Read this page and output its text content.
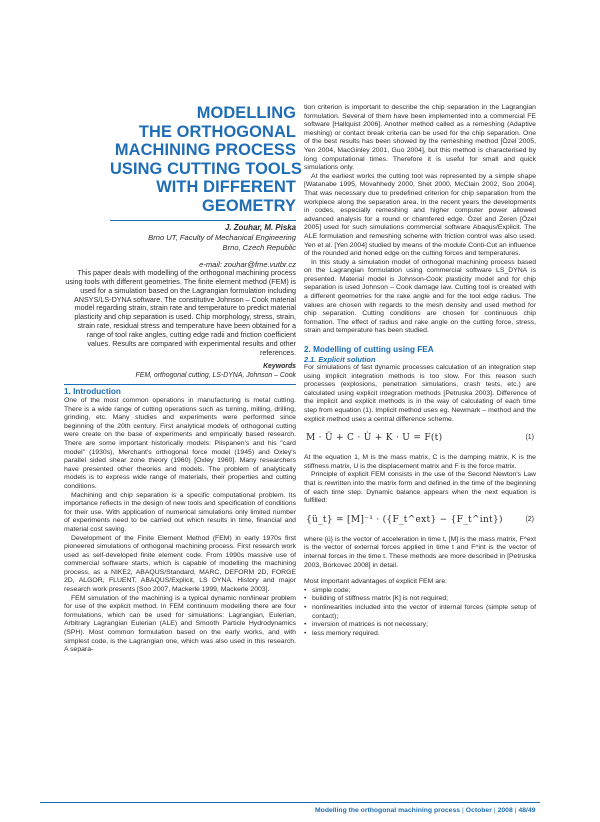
MODELLING
THE ORTHOGONAL
MACHINING PROCESS
USING CUTTING TOOLS
WITH DIFFERENT
GEOMETRY
J. Zouhar, M. Piska
Brno UT, Faculty of Mechanical Engineering
Brno, Czech Republic
e-mail: zouhar@fme.vutbr.cz
This paper deals with modelling of the orthogonal machining process using tools with different geometries. The finite element method (FEM) is used for a simulation based on the Lagrangian formulation including ANSYS/LS-DYNA software. The constitutive Johnson – Cook material model regarding strain, strain rate and temperature to predict material plasticity and chip separation is used. Chip morphology, stress, strain, strain rate, residual stress and temperature have been obtained for a range of tool rake angles, cutting edge radii and friction coefficient values. Results are compared with experimental results and other references.
Keywords
FEM, orthogonal cutting, LS-DYNA, Johnson – Cook
1. Introduction

One of the most common operations in manufacturing is metal cutting. There is a wide range of cutting operations such as turning, milling, drilling, grinding, etc. Many studies and experiments were performed since beginning of the 20th century. First analytical models of orthogonal cutting were create on the base of experiments and empirically based research. There are some important historically models: Piispanen's and his "card model" (1930s), Merchant's orthogonal force model (1945) and Oxley's parallel sided shear zone theory (1960) [Oxley 1960]. Many researchers have presented other theories and models. The problem of analytically models is to express wide range of materials, their properties and cutting conditions.

Machining and chip separation is a specific computational problem. Its importance reflects in the design of new tools and specification of conditions for their use. With application of numerical simulations only limited number of experiments need to be carried out which results in time, financial and material cost saving.

Development of the Finite Element Method (FEM) in early 1970s first pioneered simulations of orthogonal machining process. First research work used as self-developed finite element code. From 1990s massive use of commercial software starts, which is capable of modelling the machining process, as a NIKE2, ABAQUS/Standard, MARC, DEFORM 2D, FORGE 2D, ALGOR, FLUENT, ABAQUS/Explicit, LS DYNA. History and major research work presents [Soo 2007, Mackerle 1999, Mackerle 2003].

FEM simulation of the machining is a typical dynamic non/linear problem for use of the explicit method. In FEM continuum modelling there are four formulations, which can be used for simulations: Lagrangian, Eulerian, Arbitrary Lagrangian Eulerian (ALE) and Smooth Particle Hydrodynamics (SPH). Most common formulation based on the early works, and with simplest code, is the Lagrangian one, which was also used in this research. A separa-

tion criterion is important to describe the chip separation in the Lagrangian formulation. Several of them have been implemented into a commercial FE software [Hallquist 2006]. Another method called as a remeshing (Adaptive meshing) or contact break criteria can be used for the chip separation. One of the best results has been showed by the remeshing method [Özel 2005, Yen 2004, MacGinley 2001, Guo 2004], but this method is characterised by long computational times. Therefore it is useful for small and quick simulations only.

At the earliest works the cutting tool was represented by a simple shape [Watanabe 1995, Movahhedy 2000, Shet 2000, McClain 2002, Soo 2004]. That was necessary due to predefined criterion for chip separation from the workpiece along the separation area. In the recent years the developments in codes, especially remeshing and higher computer power allowed advanced analysis for a round or chamfered edge. Özel and Zeren [Özel 2005] used for such simulations commercial software Abaqus/Explicit. The ALE formulation and remeshing scheme with friction control was also used. Yen et al. [Yen 2004] studied by means of the module Conti-Cut an influence of the rounded and honed edge on the cutting forces and temperatures.

In this study a simulation model of orthogonal machining process based on the Lagrangian formulation using commercial software LS_DYNA is presented. Material model is Johnson-Cook plasticity model and for chip separation is used Johnson – Cook damage law. Cutting tool is created with a different geometries for the rake angle and for the tool edge radius. The values are chosen with regards to the mesh density and used method for chip separation. Cutting conditions are chosen for continuous chip formation. The effect of radius and rake angle on the cutting force, stress, strain and temperature has been studied.

2. Modelling of cutting using FEA
2.1. Explicit solution

For simulations of fast dynamic processes calculation of an integration step using implicit integration methods is too slow. For this reason such processes (explosions, penetration simulations, crash tests, etc.) are calculated using explicit integration methods [Petruska 2003]. Difference of the implicit and explicit methods is in the way of calculating of each time step from equation (1). Implicit method uses eg. Newmark – method and the explicit method uses a central difference scheme.

M · Ü + C · U̇ + K · U = F(t)	(1)

At the equation 1, M is the mass matrix, C is the damping matrix, K is the stiffness matrix, U is the displacement matrix and F is the force matrix.

Principle of explicit FEM consists in the use of the Second Newton's Law that is rewritten into the matrix form and defined in the time of the beginning of each time step. Dynamic balance appears when the next equation is fulfilled:

{ü_t} = [M]⁻¹ · ({F_t^ext} − {F_t^int})	(2)

where {ü} is the vector of acceleration in time t, [M] is the mass matrix, F^ext is the vector of external forces applied in time t and F^int is the vector of internal forces in the time t. These methods are more described in [Petruska 2003, Borkovec 2008] in detail.

Most important advantages of explicit FEM are:

• simple code;
• building of stiffness matrix [K] is not required;
• nonlinearities included into the vector of internal forces (simple setup of contact);
• inversion of matrices is not necessary;
• less memory required.
Modelling the orthogonal machining process | October | 2008 | 48/49
